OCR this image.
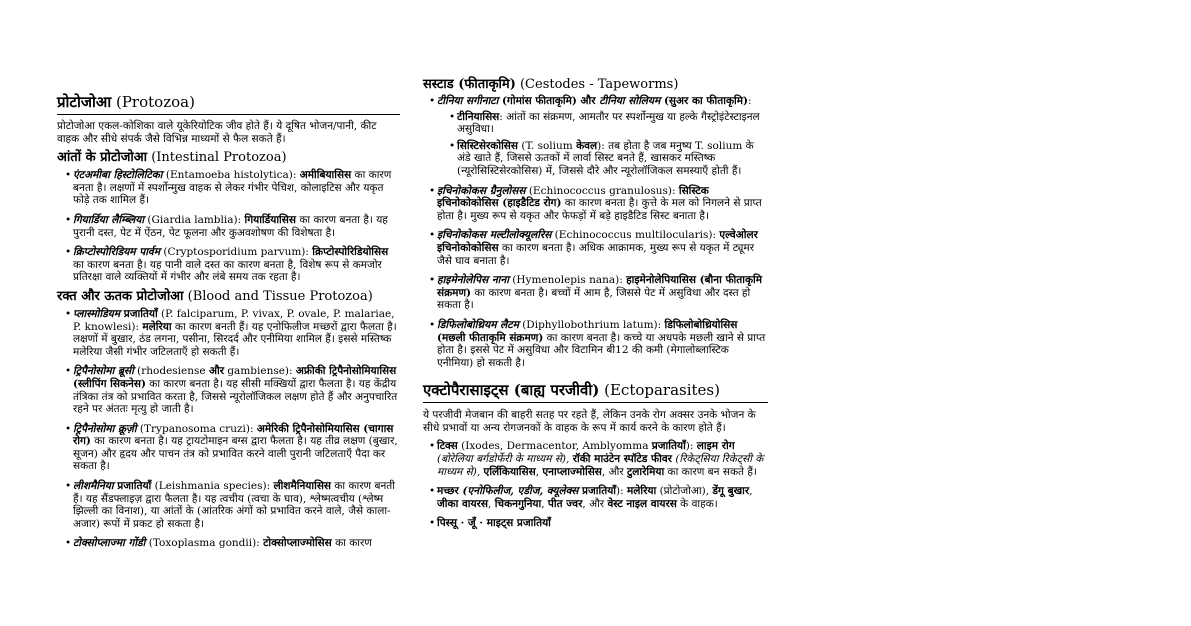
प्रोटोजोआ (Protozoa)

प्रोटोजोआ एकल-कोशिका वाले यूकेरियोटिक जीव होते हैं। ये दूषित भोजन/पानी, कीट वाहक और सीधे संपर्क जैसे विभिन्न माध्यमों से फैल सकते हैं।

आंतों के प्रोटोजोआ (Intestinal Protozoa)
• एंटअमीबा हिस्टोलिटिका (Entamoeba histolytica): अमीबियासिस का कारण बनता है। लक्षणों में स्पर्शोन्मुख वाहक से लेकर गंभीर पेचिश, कोलाइटिस और यकृत फोड़े तक शामिल हैं।
• गियार्डिया लैम्ब्लिया (Giardia lamblia): गियार्डियासिस का कारण बनता है। यह पुरानी दस्त, पेट में ऐंठन, पेट फूलना और कुअवशोषण की विशेषता है।
• क्रिप्टोस्पोरिडियम पार्वम (Cryptosporidium parvum): क्रिप्टोस्पोरिडियोसिस का कारण बनता है। यह पानी वाले दस्त का कारण बनता है, विशेष रूप से कमजोर प्रतिरक्षा वाले व्यक्तियों में गंभीर और लंबे समय तक रहता है।
रक्त और ऊतक प्रोटोजोआ (Blood and Tissue Protozoa)
• प्लास्मोडियम प्रजातियाँ (P. falciparum, P. vivax, P. ovale, P. malariae, P. knowlesi): मलेरिया का कारण बनती हैं। यह एनोफिलीज मच्छरों द्वारा फैलता है। लक्षणों में बुखार, ठंड लगना, पसीना, सिरदर्द और एनीमिया शामिल हैं। इससे मस्तिष्क मलेरिया जैसी गंभीर जटिलताएँ हो सकती हैं।
• ट्रिपैनोसोमा ब्रूसी (rhodesiense और gambiense): अफ्रीकी ट्रिपैनोसोमियासिस (स्लीपिंग सिकनेस) का कारण बनता है। यह सीसी मक्खियों द्वारा फैलता है। यह केंद्रीय तंत्रिका तंत्र को प्रभावित करता है, जिससे न्यूरोलॉजिकल लक्षण होते हैं और अनुपचारित रहने पर अंततः मृत्यु हो जाती है।
• ट्रिपैनोसोमा क्रूज़ी (Trypanosoma cruzi): अमेरिकी ट्रिपैनोसोमियासिस (चागास रोग) का कारण बनता है। यह ट्रायटोमाइन बग्स द्वारा फैलता है। यह तीव्र लक्षण (बुखार, सूजन) और हृदय और पाचन तंत्र को प्रभावित करने वाली पुरानी जटिलताएँ पैदा कर सकता है।
• लीशमैनिया प्रजातियाँ (Leishmania species): लीशमैनियासिस का कारण बनती हैं। यह सैंडफ्लाइज़ द्वारा फैलता है। यह त्वचीय (त्वचा के घाव), श्लेष्मत्वचीय (श्लेष्म झिल्ली का विनाश), या आंतों के (आंतरिक अंगों को प्रभावित करने वाले, जैसे काला-अजार) रूपों में प्रकट हो सकता है।
• टोक्सोप्लाज्मा गोंडी (Toxoplasma gondii): टोक्सोप्लाज्मोसिस का कारण
सस्टाड (फीताकृमि) (Cestodes - Tapeworms)
• टीनिया सगीनाटा (गोमांस फीताकृमि) और टीनिया सोलियम (सुअर का फीताकृमि):
• टीनियासिस: आंतों का संक्रमण, आमतौर पर स्पर्शोन्मुख या हल्के गैस्ट्रोइंटेस्टाइनल असुविधा।
• सिस्टिसेरकोसिस (T. solium केवल): तब होता है जब मनुष्य T. solium के अंडे खाते हैं, जिससे ऊतकों में लार्वा सिस्ट बनते हैं, खासकर मस्तिष्क (न्यूरोसिस्टिसेरकोसिस) में, जिससे दौरे और न्यूरोलॉजिकल समस्याएँ होती हैं।
• इचिनोकोकस ग्रैनुलोसस (Echinococcus granulosus): सिस्टिक इचिनोकोकोसिस (हाइडैटिड रोग) का कारण बनता है। कुत्ते के मल को निगलने से प्राप्त होता है। मुख्य रूप से यकृत और फेफड़ों में बड़े हाइडैटिड सिस्ट बनाता है।
• इचिनोकोकस मल्टीलोक्यूलरिस (Echinococcus multilocularis): एल्वेओलर इचिनोकोकोसिस का कारण बनता है। अधिक आक्रामक, मुख्य रूप से यकृत में ट्यूमर जैसे घाव बनाता है।
• हाइमेनोलेपिस नाना (Hymenolepis nana): हाइमेनोलेपियासिस (बौना फीताकृमि संक्रमण) का कारण बनता है। बच्चों में आम है, जिससे पेट में असुविधा और दस्त हो सकता है।
• डिफिलोबोथ्रियम लैटम (Diphyllobothrium latum): डिफिलोबोथ्रियोसिस (मछली फीताकृमि संक्रमण) का कारण बनता है। कच्चे या अधपके मछली खाने से प्राप्त होता है। इससे पेट में असुविधा और विटामिन बी12 की कमी (मेगालोब्लास्टिक एनीमिया) हो सकती है।
एक्टोपैरासाइट्स (बाह्य परजीवी) (Ectoparasites)

ये परजीवी मेजबान की बाहरी सतह पर रहते हैं, लेकिन उनके रोग अक्सर उनके भोजन के सीधे प्रभावों या अन्य रोगजनकों के वाहक के रूप में कार्य करने के कारण होते हैं।

• टिक्स (Ixodes, Dermacentor, Amblyomma प्रजातियाँ): लाइम रोग (बोरेलिया बर्गडोर्फेरी के माध्यम से), रॉकी माउंटेन स्पॉटेड फीवर (रिकेट्सिया रिकेट्सी के माध्यम से), एर्लिकियासिस, एनाप्लाज्मोसिस, और टुलारेमिया का कारण बन सकते हैं।
• मच्छर (एनोफिलीज, एडीज, क्यूलेक्स प्रजातियाँ): मलेरिया (प्रोटोजोआ), डेंगू बुखार, जीका वायरस, चिकनगुनिया, पीत ज्वर, और वेस्ट नाइल वायरस के वाहक।
• पिस्सू · जूँ · माइट्स प्रजातियाँ
